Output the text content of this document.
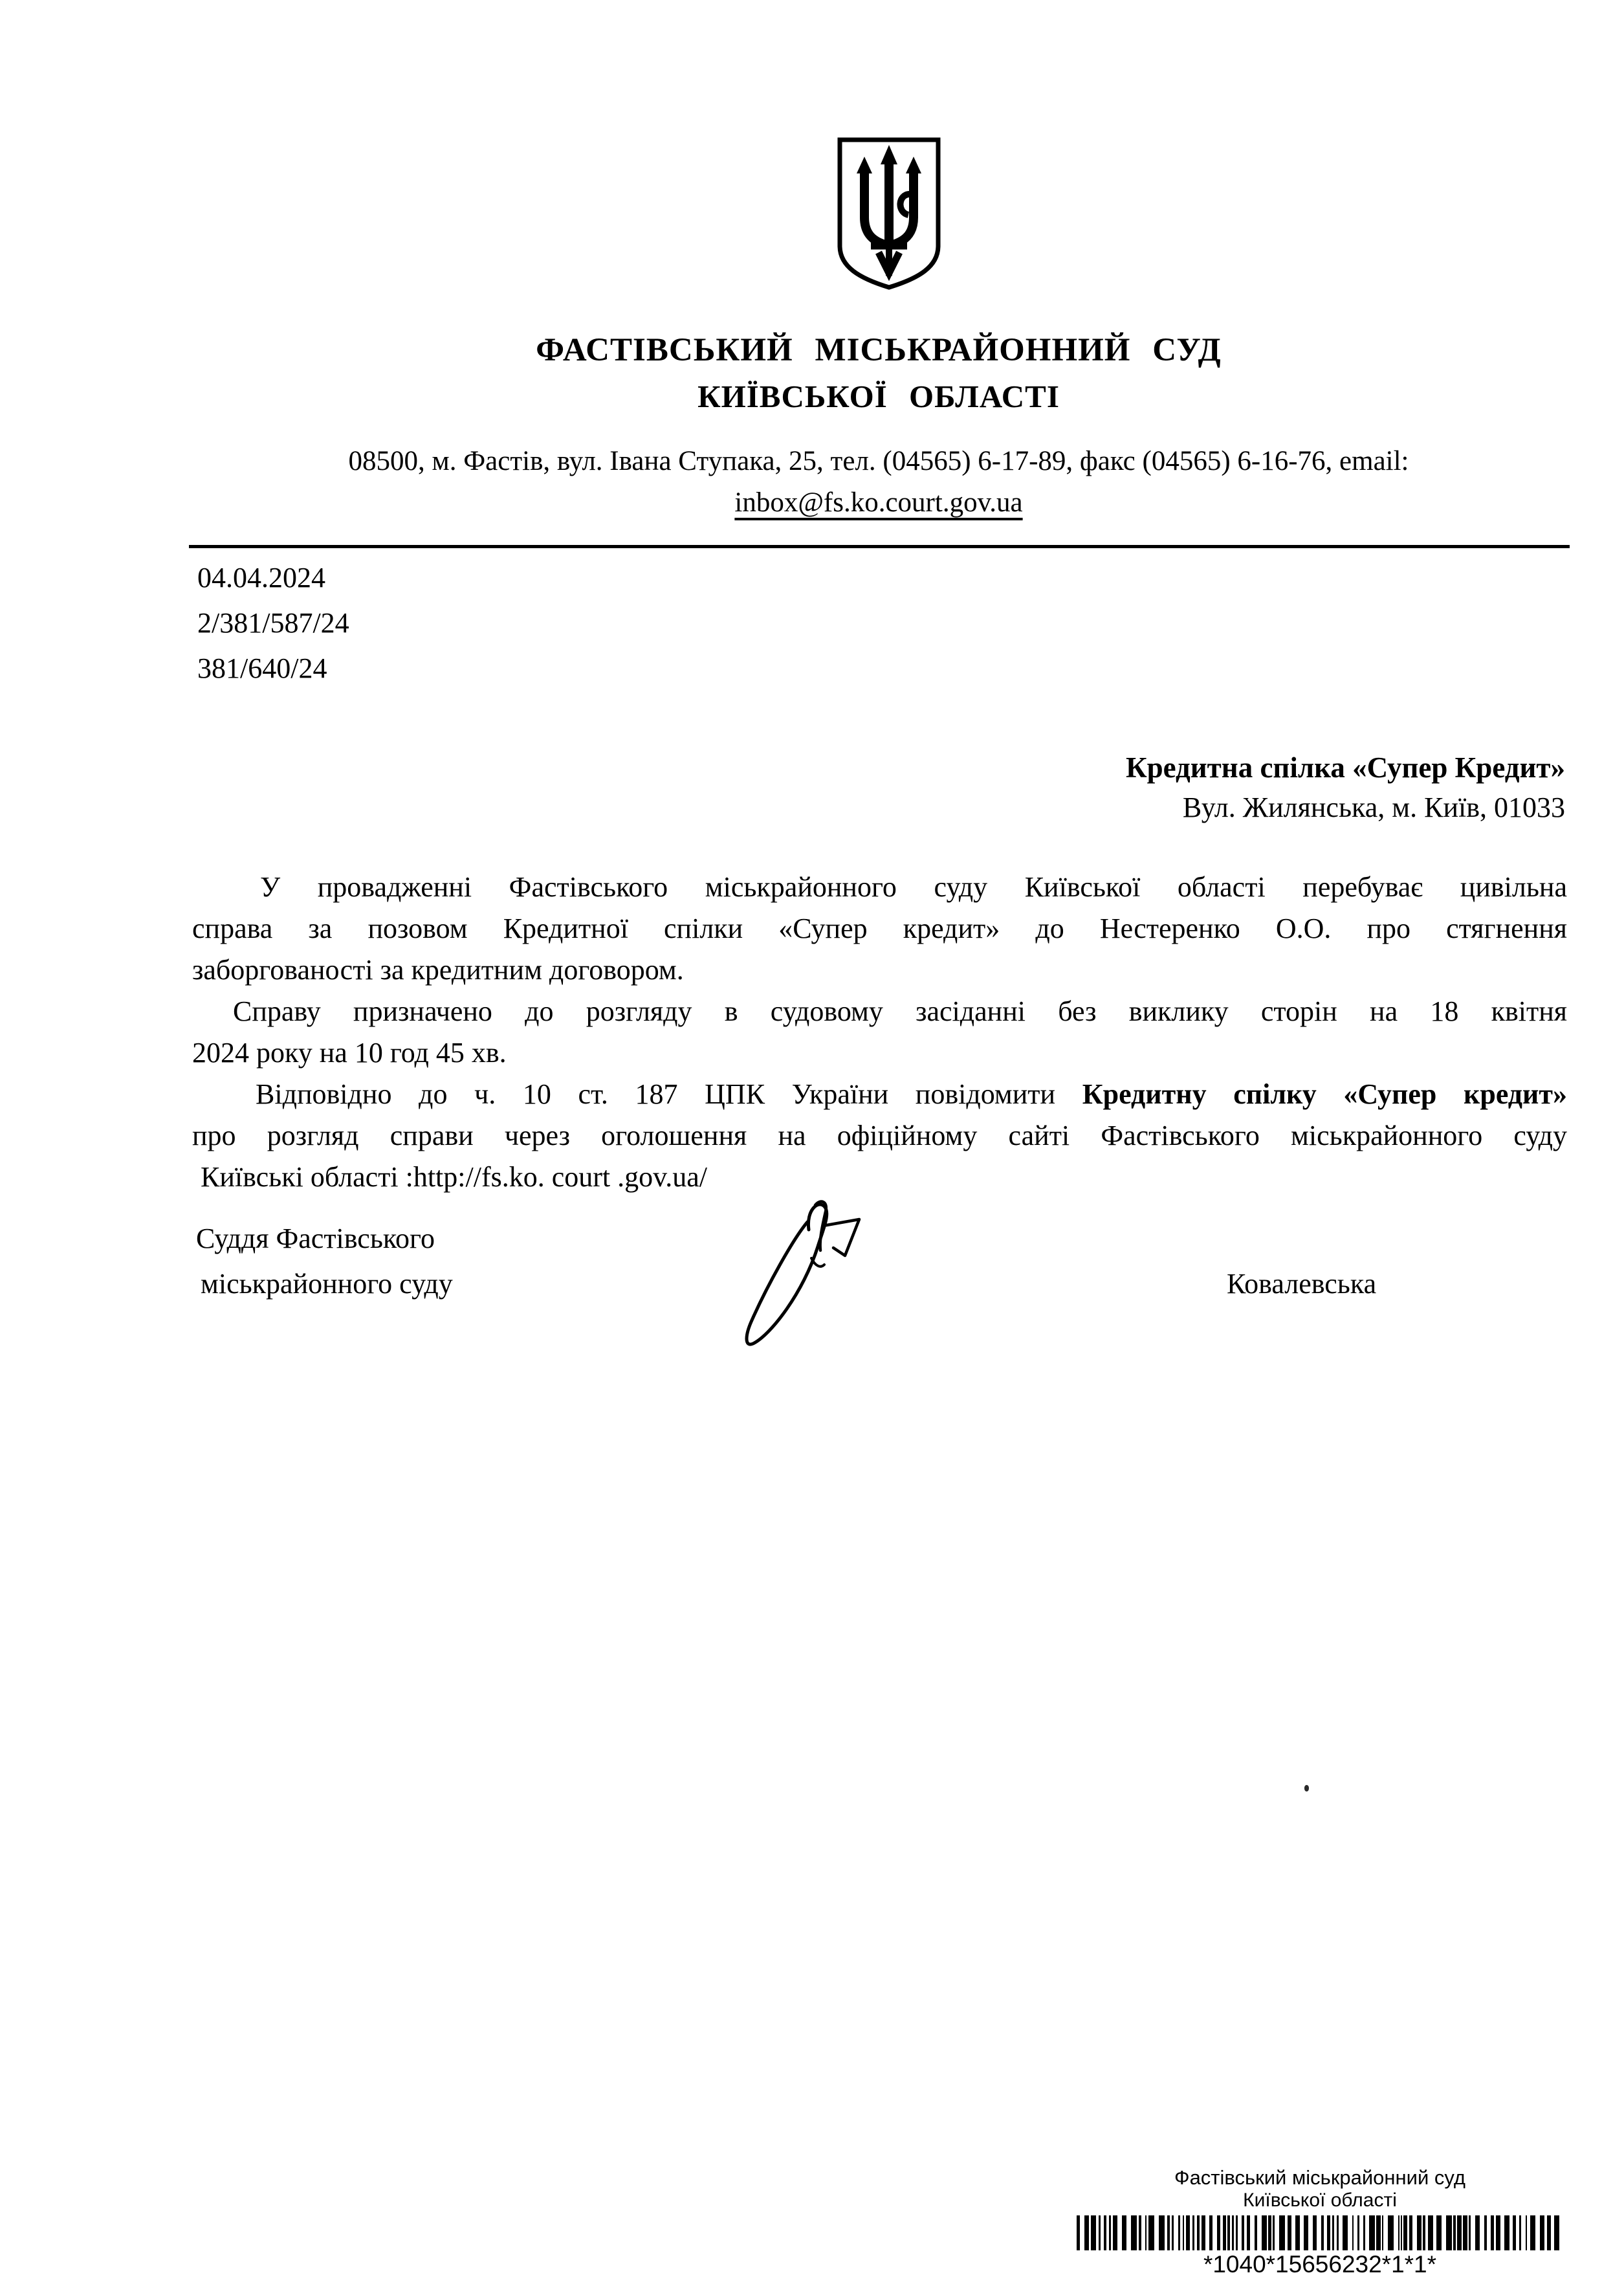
ФАСТІВСЬКИЙ МІСЬКРАЙОННИЙ СУД
КИЇВСЬКОЇ ОБЛАСТІ
08500, м. Фастів, вул. Івана Ступака, 25, тел. (04565) 6-17-89, факс (04565) 6-16-76, email:
inbox@fs.ko.court.gov.ua
04.04.2024
2/381/587/24
381/640/24
Кредитна спілка «Супер Кредит»
Вул. Жилянська, м. Київ, 01033
У провадженні Фастівського міськрайонного суду Київської області перебуває цивільна
справа за позовом Кредитної спілки «Супер кредит» до Нестеренко О.О. про стягнення
заборгованості за кредитним договором.
Справу призначено до розгляду в судовому засіданні без виклику сторін на 18 квітня
2024 року на 10 год 45 хв.
Відповідно до ч. 10 ст. 187 ЦПК України повідомити Кредитну спілку «Супер кредит»
про розгляд справи через оголошення на офіційному сайті Фастівського міськрайонного суду
Київські області :http://fs.ko. court .gov.ua/
Суддя Фастівського
міськрайонного суду	Ковалевська
Фастівський міськрайонний суд
Київської області
*1040*15656232*1*1*
